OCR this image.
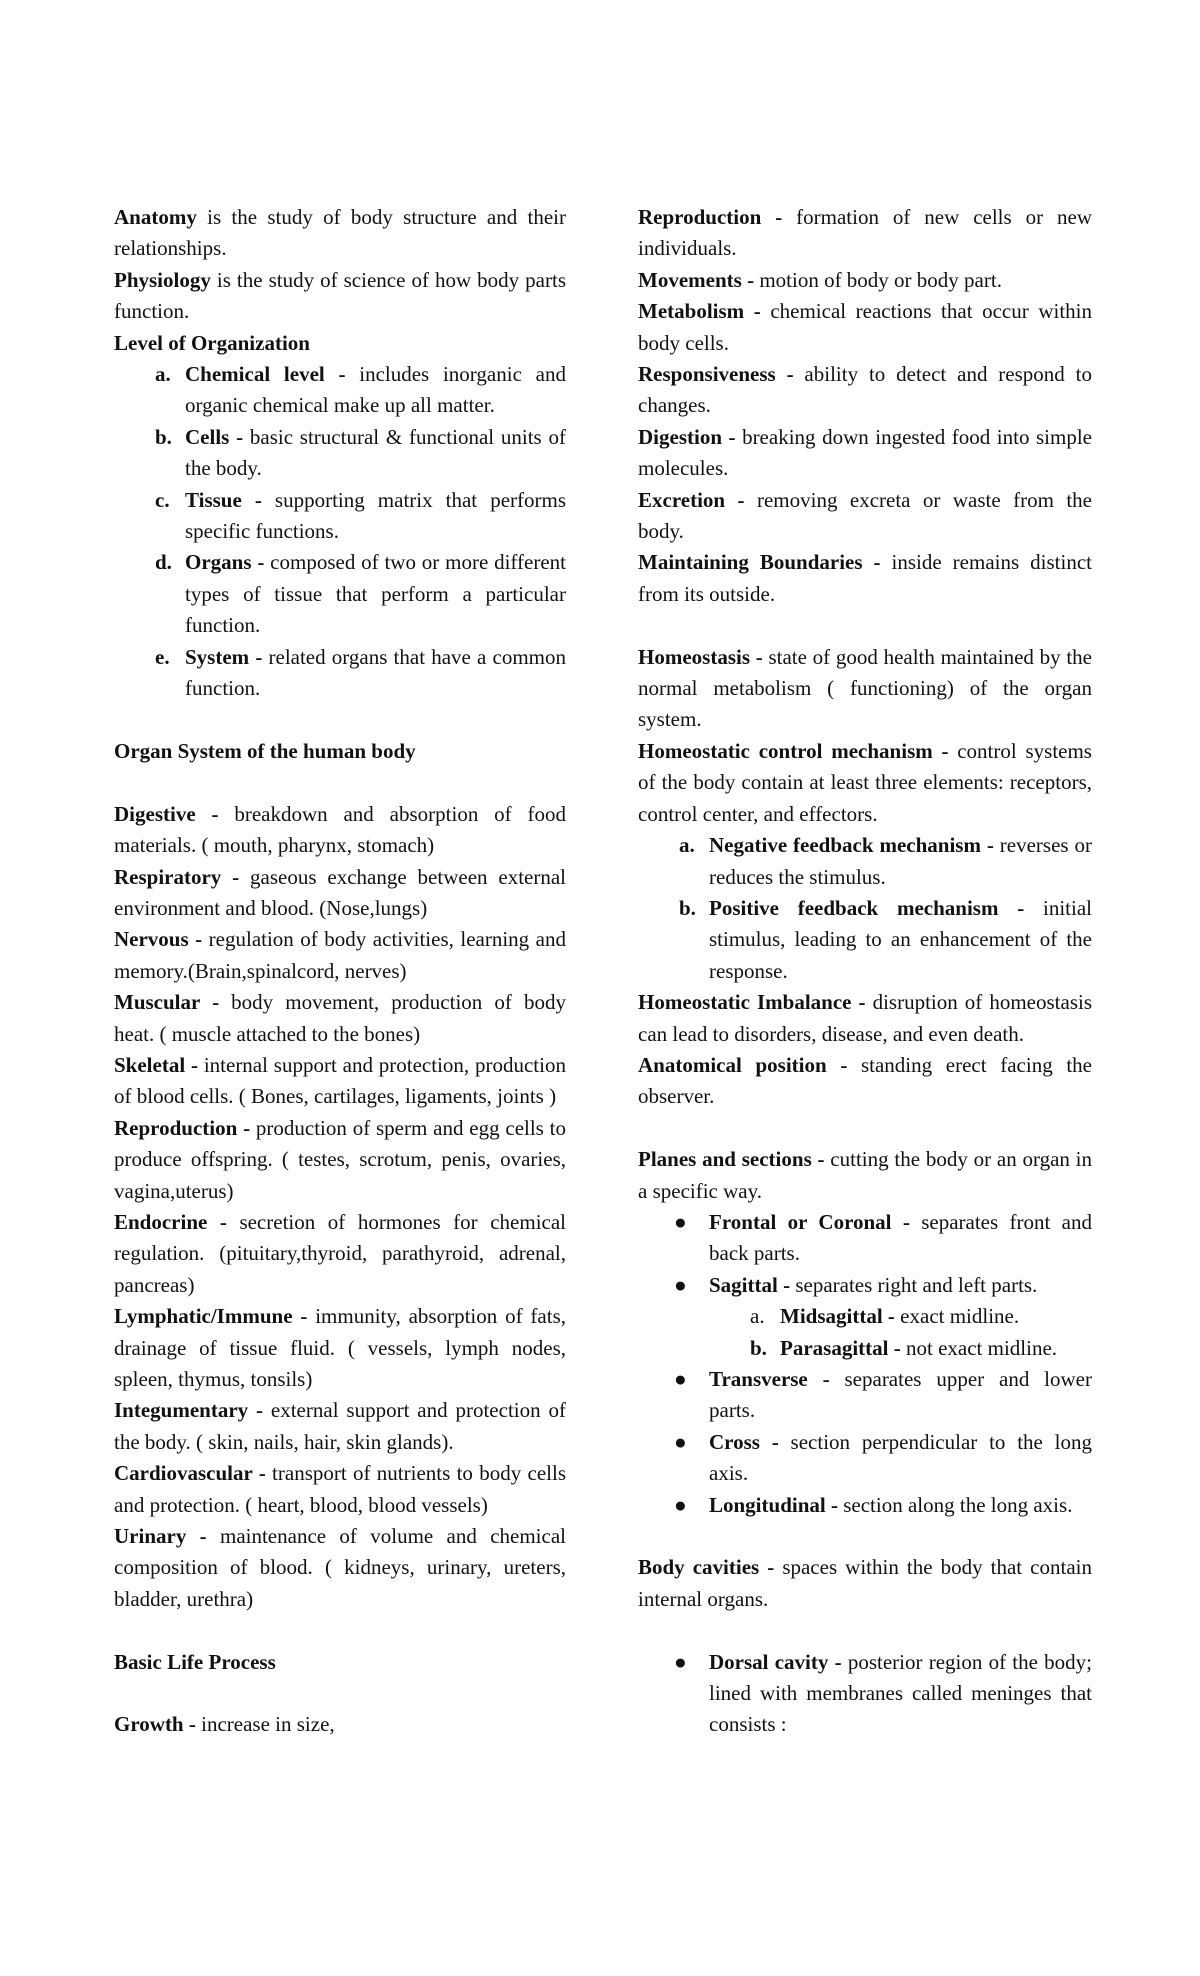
Anatomy is the study of body structure and their relationships.

Physiology is the study of science of how body parts function.

Level of Organization

a. Chemical level - includes inorganic and organic chemical make up all matter.
b. Cells - basic structural & functional units of the body.
c. Tissue - supporting matrix that performs specific functions.
d. Organs - composed of two or more different types of tissue that perform a particular function.
e. System - related organs that have a common function.

Organ System of the human body

Digestive - breakdown and absorption of food materials. ( mouth, pharynx, stomach)

Respiratory - gaseous exchange between external environment and blood. (Nose,lungs)

Nervous - regulation of body activities, learning and memory.(Brain,spinalcord, nerves)

Muscular - body movement, production of body heat. ( muscle attached to the bones)

Skeletal - internal support and protection, production of blood cells. ( Bones, cartilages, ligaments, joints )

Reproduction - production of sperm and egg cells to produce offspring. ( testes, scrotum, penis, ovaries, vagina,uterus)

Endocrine - secretion of hormones for chemical regulation. (pituitary,thyroid, parathyroid, adrenal, pancreas)

Lymphatic/Immune - immunity, absorption of fats, drainage of tissue fluid. ( vessels, lymph nodes, spleen, thymus, tonsils)

Integumentary - external support and protection of the body. ( skin, nails, hair, skin glands).

Cardiovascular - transport of nutrients to body cells and protection. ( heart, blood, blood vessels)

Urinary - maintenance of volume and chemical composition of blood. ( kidneys, urinary, ureters, bladder, urethra)

Basic Life Process

Growth - increase in size,

Reproduction - formation of new cells or new individuals.

Movements - motion of body or body part.

Metabolism - chemical reactions that occur within body cells.

Responsiveness - ability to detect and respond to changes.

Digestion - breaking down ingested food into simple molecules.

Excretion - removing excreta or waste from the body.

Maintaining Boundaries - inside remains distinct from its outside.

Homeostasis - state of good health maintained by the normal metabolism ( functioning) of the organ system.

Homeostatic control mechanism - control systems of the body contain at least three elements: receptors, control center, and effectors.

a. Negative feedback mechanism - reverses or reduces the stimulus.
b. Positive feedback mechanism - initial stimulus, leading to an enhancement of the response.

Homeostatic Imbalance - disruption of homeostasis can lead to disorders, disease, and even death.

Anatomical position - standing erect facing the observer.

Planes and sections - cutting the body or an organ in a specific way.

● Frontal or Coronal - separates front and back parts.
● Sagittal - separates right and left parts.
a. Midsagittal - exact midline.
b. Parasagittal - not exact midline.
● Transverse - separates upper and lower parts.
● Cross - section perpendicular to the long axis.
● Longitudinal - section along the long axis.

Body cavities - spaces within the body that contain internal organs.

● Dorsal cavity - posterior region of the body; lined with membranes called meninges that consists :
